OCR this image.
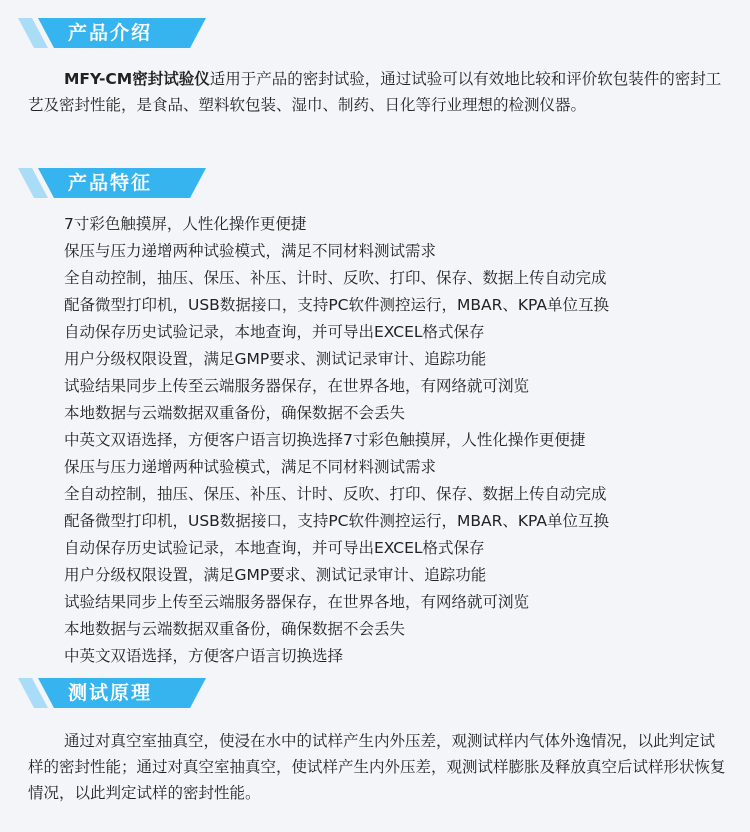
产品介绍
MFY-CM密封试验仪适用于产品的密封试验，通过试验可以有效地比较和评价软包装件的密封工艺及密封性能，是食品、塑料软包装、湿巾、制药、日化等行业理想的检测仪器。
产品特征
7寸彩色触摸屏，人性化操作更便捷
保压与压力递增两种试验模式，满足不同材料测试需求
全自动控制，抽压、保压、补压、计时、反吹、打印、保存、数据上传自动完成
配备微型打印机，USB数据接口，支持PC软件测控运行，MBAR、KPA单位互换
自动保存历史试验记录，本地查询，并可导出EXCEL格式保存
用户分级权限设置，满足GMP要求、测试记录审计、追踪功能
试验结果同步上传至云端服务器保存，在世界各地，有网络就可浏览
本地数据与云端数据双重备份，确保数据不会丢失
中英文双语选择，方便客户语言切换选择7寸彩色触摸屏，人性化操作更便捷
保压与压力递增两种试验模式，满足不同材料测试需求
全自动控制，抽压、保压、补压、计时、反吹、打印、保存、数据上传自动完成
配备微型打印机，USB数据接口，支持PC软件测控运行，MBAR、KPA单位互换
自动保存历史试验记录，本地查询，并可导出EXCEL格式保存
用户分级权限设置，满足GMP要求、测试记录审计、追踪功能
试验结果同步上传至云端服务器保存，在世界各地，有网络就可浏览
本地数据与云端数据双重备份，确保数据不会丢失
中英文双语选择，方便客户语言切换选择
测试原理
通过对真空室抽真空，使浸在水中的试样产生内外压差，观测试样内气体外逸情况，以此判定试样的密封性能；通过对真空室抽真空，使试样产生内外压差，观测试样膨胀及释放真空后试样形状恢复情况，以此判定试样的密封性能。
